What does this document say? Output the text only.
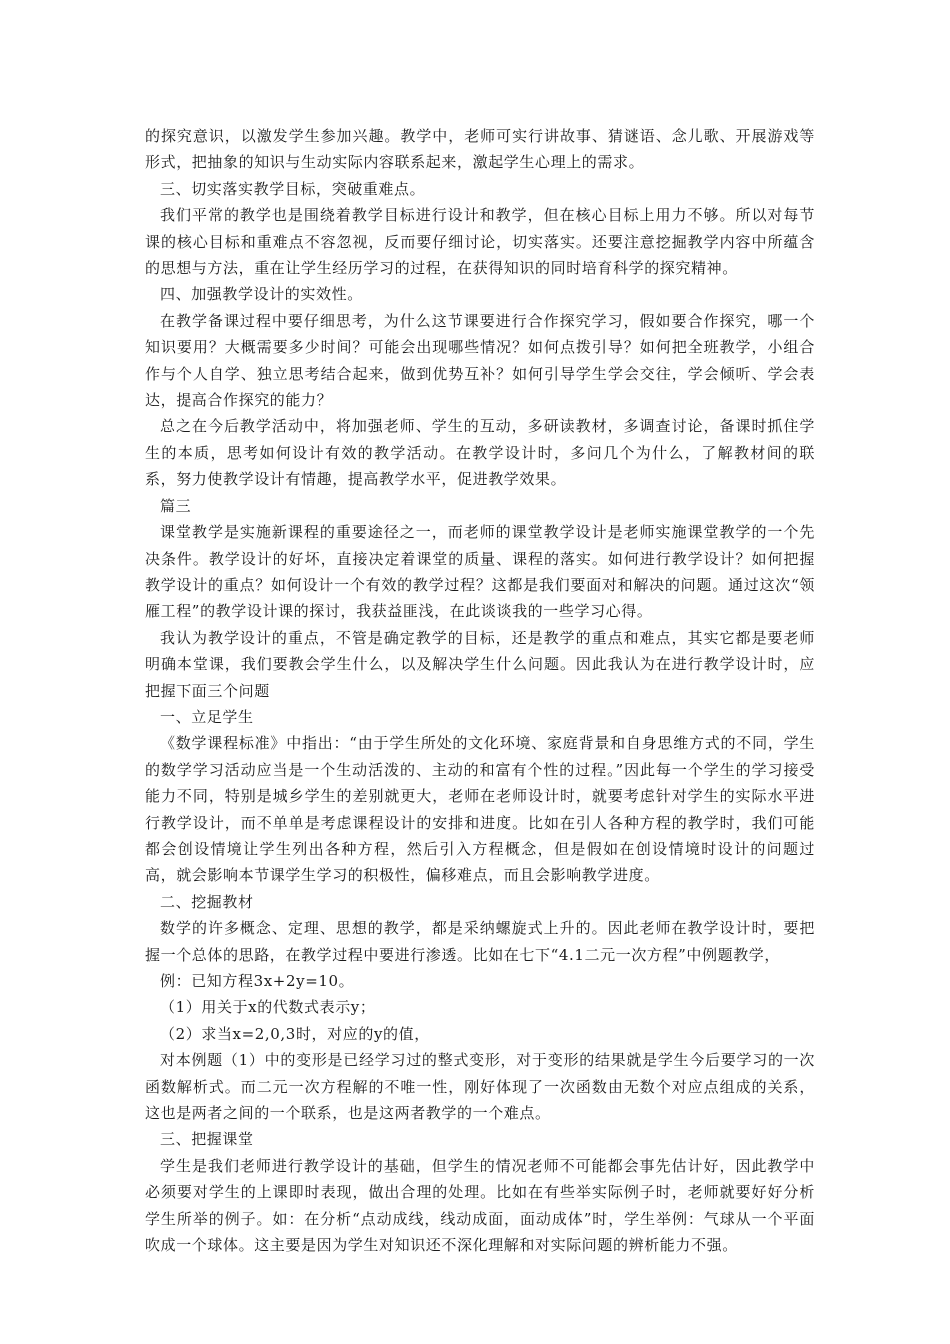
的探究意识，以激发学生参加兴趣。教学中，老师可实行讲故事、猜谜语、念儿歌、开展游戏等形式，把抽象的知识与生动实际内容联系起来，激起学生心理上的需求。

三、切实落实教学目标，突破重难点。

我们平常的教学也是围绕着教学目标进行设计和教学，但在核心目标上用力不够。所以对每节课的核心目标和重难点不容忽视，反而要仔细讨论，切实落实。还要注意挖掘教学内容中所蕴含的思想与方法，重在让学生经历学习的过程，在获得知识的同时培育科学的探究精神。

四、加强教学设计的实效性。

在教学备课过程中要仔细思考，为什么这节课要进行合作探究学习，假如要合作探究，哪一个知识要用？大概需要多少时间？可能会出现哪些情况？如何点拨引导？如何把全班教学，小组合作与个人自学、独立思考结合起来，做到优势互补？如何引导学生学会交往，学会倾听、学会表达，提高合作探究的能力？

总之在今后教学活动中，将加强老师、学生的互动，多研读教材，多调查讨论，备课时抓住学生的本质，思考如何设计有效的教学活动。在教学设计时，多问几个为什么，了解教材间的联系，努力使教学设计有情趣，提高教学水平，促进教学效果。

篇三

课堂教学是实施新课程的重要途径之一，而老师的课堂教学设计是老师实施课堂教学的一个先决条件。教学设计的好坏，直接决定着课堂的质量、课程的落实。如何进行教学设计？如何把握教学设计的重点？如何设计一个有效的教学过程？这都是我们要面对和解决的问题。通过这次“领雁工程”的教学设计课的探讨，我获益匪浅，在此谈谈我的一些学习心得。

我认为教学设计的重点，不管是确定教学的目标，还是教学的重点和难点，其实它都是要老师明确本堂课，我们要教会学生什么，以及解决学生什么问题。因此我认为在进行教学设计时，应把握下面三个问题

一、立足学生

《数学课程标准》中指出：“由于学生所处的文化环境、家庭背景和自身思维方式的不同，学生的数学学习活动应当是一个生动活泼的、主动的和富有个性的过程。”因此每一个学生的学习接受能力不同，特别是城乡学生的差别就更大，老师在老师设计时，就要考虑针对学生的实际水平进行教学设计，而不单单是考虑课程设计的安排和进度。比如在引人各种方程的教学时，我们可能都会创设情境让学生列出各种方程，然后引入方程概念，但是假如在创设情境时设计的问题过高，就会影响本节课学生学习的积极性，偏移难点，而且会影响教学进度。

二、挖掘教材

数学的许多概念、定理、思想的教学，都是采纳螺旋式上升的。因此老师在教学设计时，要把握一个总体的思路，在教学过程中要进行渗透。比如在七下“4.1二元一次方程”中例题教学，

例：已知方程3x+2y=10。

（1）用关于x的代数式表示y；

（2）求当x=2,0,3时，对应的y的值，

对本例题（1）中的变形是已经学习过的整式变形，对于变形的结果就是学生今后要学习的一次函数解析式。而二元一次方程解的不唯一性，刚好体现了一次函数由无数个对应点组成的关系，这也是两者之间的一个联系，也是这两者教学的一个难点。

三、把握课堂

学生是我们老师进行教学设计的基础，但学生的情况老师不可能都会事先估计好，因此教学中必须要对学生的上课即时表现，做出合理的处理。比如在有些举实际例子时，老师就要好好分析学生所举的例子。如：在分析“点动成线，线动成面，面动成体”时，学生举例：气球从一个平面吹成一个球体。这主要是因为学生对知识还不深化理解和对实际问题的辨析能力不强。
